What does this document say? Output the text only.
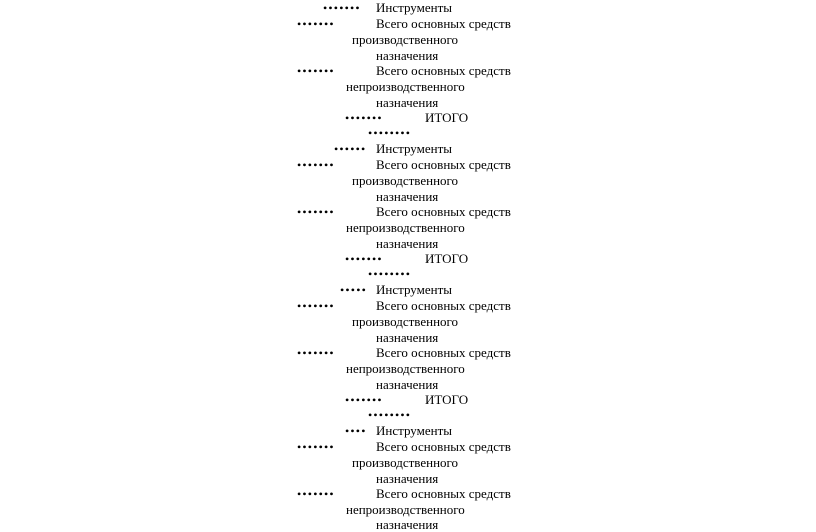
••••••• Инструменты
•••••••	Всего основных средств
производственного
назначения
•••••••	Всего основных средств
непроизводственного
назначения
•••••••	ИТОГО
••••••••
•••••• Инструменты
•••••••	Всего основных средств
производственного
назначения
•••••••	Всего основных средств
непроизводственного
назначения
•••••••	ИТОГО
••••••••
••••• Инструменты
•••••••	Всего основных средств
производственного
назначения
•••••••	Всего основных средств
непроизводственного
назначения
•••••••	ИТОГО
••••••••
•••• Инструменты
•••••••	Всего основных средств
производственного
назначения
•••••••	Всего основных средств
непроизводственного
назначения
